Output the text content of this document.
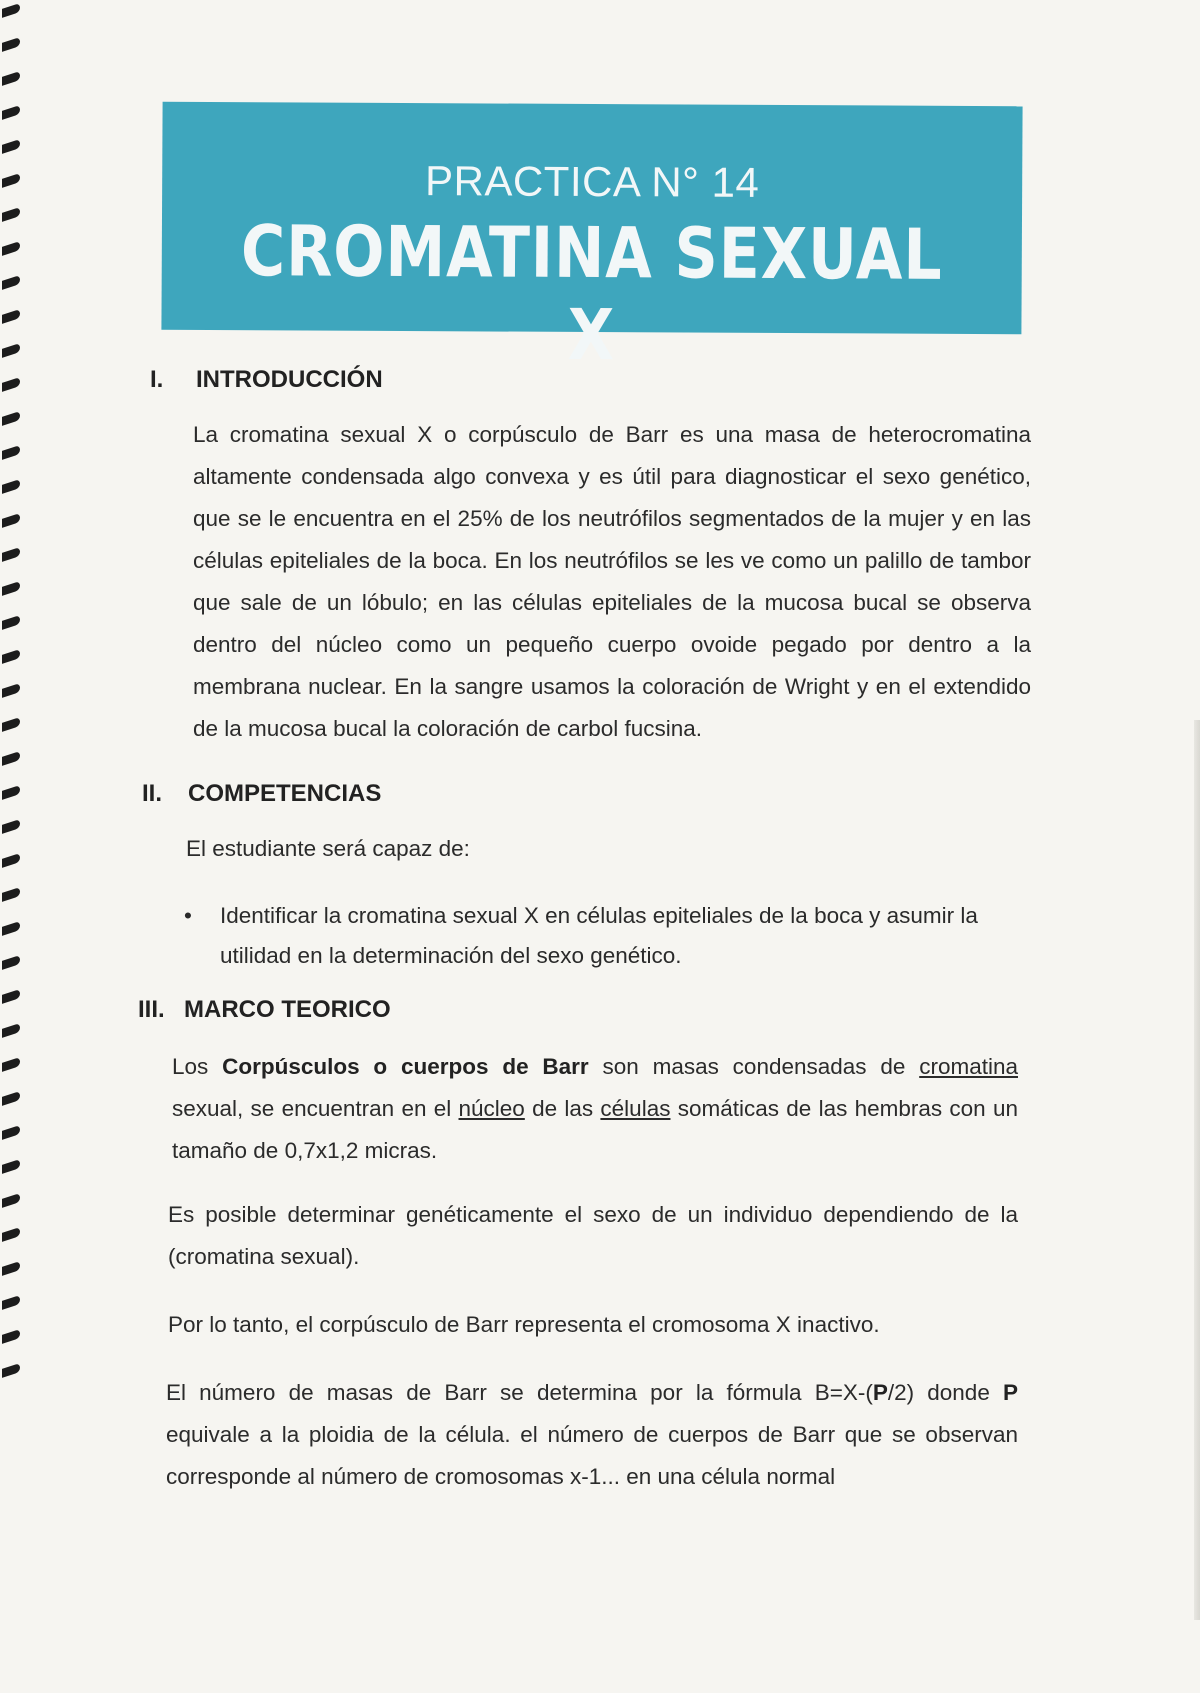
PRACTICA N° 14
CROMATINA SEXUAL X
I. INTRODUCCIÓN
La cromatina sexual X o corpúsculo de Barr es una masa de heterocromatina altamente condensada algo convexa y es útil para diagnosticar el sexo genético, que se le encuentra en el 25% de los neutrófilos segmentados de la mujer y en las células epiteliales de la boca. En los neutrófilos se les ve como un palillo de tambor que sale de un lóbulo; en las células epiteliales de la mucosa bucal se observa dentro del núcleo como un pequeño cuerpo ovoide pegado por dentro a la membrana nuclear. En la sangre usamos la coloración de Wright y en el extendido de la mucosa bucal la coloración de carbol fucsina.
II. COMPETENCIAS
El estudiante será capaz de:
• Identificar la cromatina sexual X en células epiteliales de la boca y asumir la utilidad en la determinación del sexo genético.
III. MARCO TEORICO
Los Corpúsculos o cuerpos de Barr son masas condensadas de cromatina sexual, se encuentran en el núcleo de las células somáticas de las hembras con un tamaño de 0,7x1,2 micras.
Es posible determinar genéticamente el sexo de un individuo dependiendo de la (cromatina sexual).
Por lo tanto, el corpúsculo de Barr representa el cromosoma X inactivo.
El número de masas de Barr se determina por la fórmula B=X-(P/2) donde P equivale a la ploidia de la célula. el número de cuerpos de Barr que se observan corresponde al número de cromosomas x-1... en una célula normal
